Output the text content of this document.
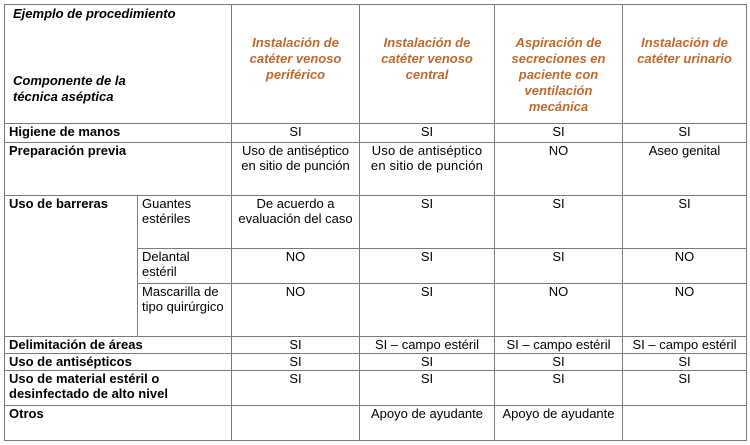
Ejemplo de procedimiento
Componente de la técnica aséptica		Instalación de catéter venoso periférico	Instalación de catéter venoso central	Aspiración de secreciones en paciente con ventilación mecánica	Instalación de catéter urinario
Higiene de manos		SI	SI	SI	SI
Preparación previa		Uso de antiséptico en sitio de punción	Uso de antiséptico en sitio de punción	NO	Aseo genital
Uso de barreras	Guantes estériles	De acuerdo a evaluación del caso	SI	SI	SI
	Delantal estéril	NO	SI	SI	NO
	Mascarilla de tipo quirúrgico	NO	SI	NO	NO
Delimitación de áreas		SI	SI – campo estéril	SI – campo estéril	SI – campo estéril
Uso de antisépticos		SI	SI	SI	SI
Uso de material estéril o desinfectado de alto nivel		SI	SI	SI	SI
Otros			Apoyo de ayudante	Apoyo de ayudante	
